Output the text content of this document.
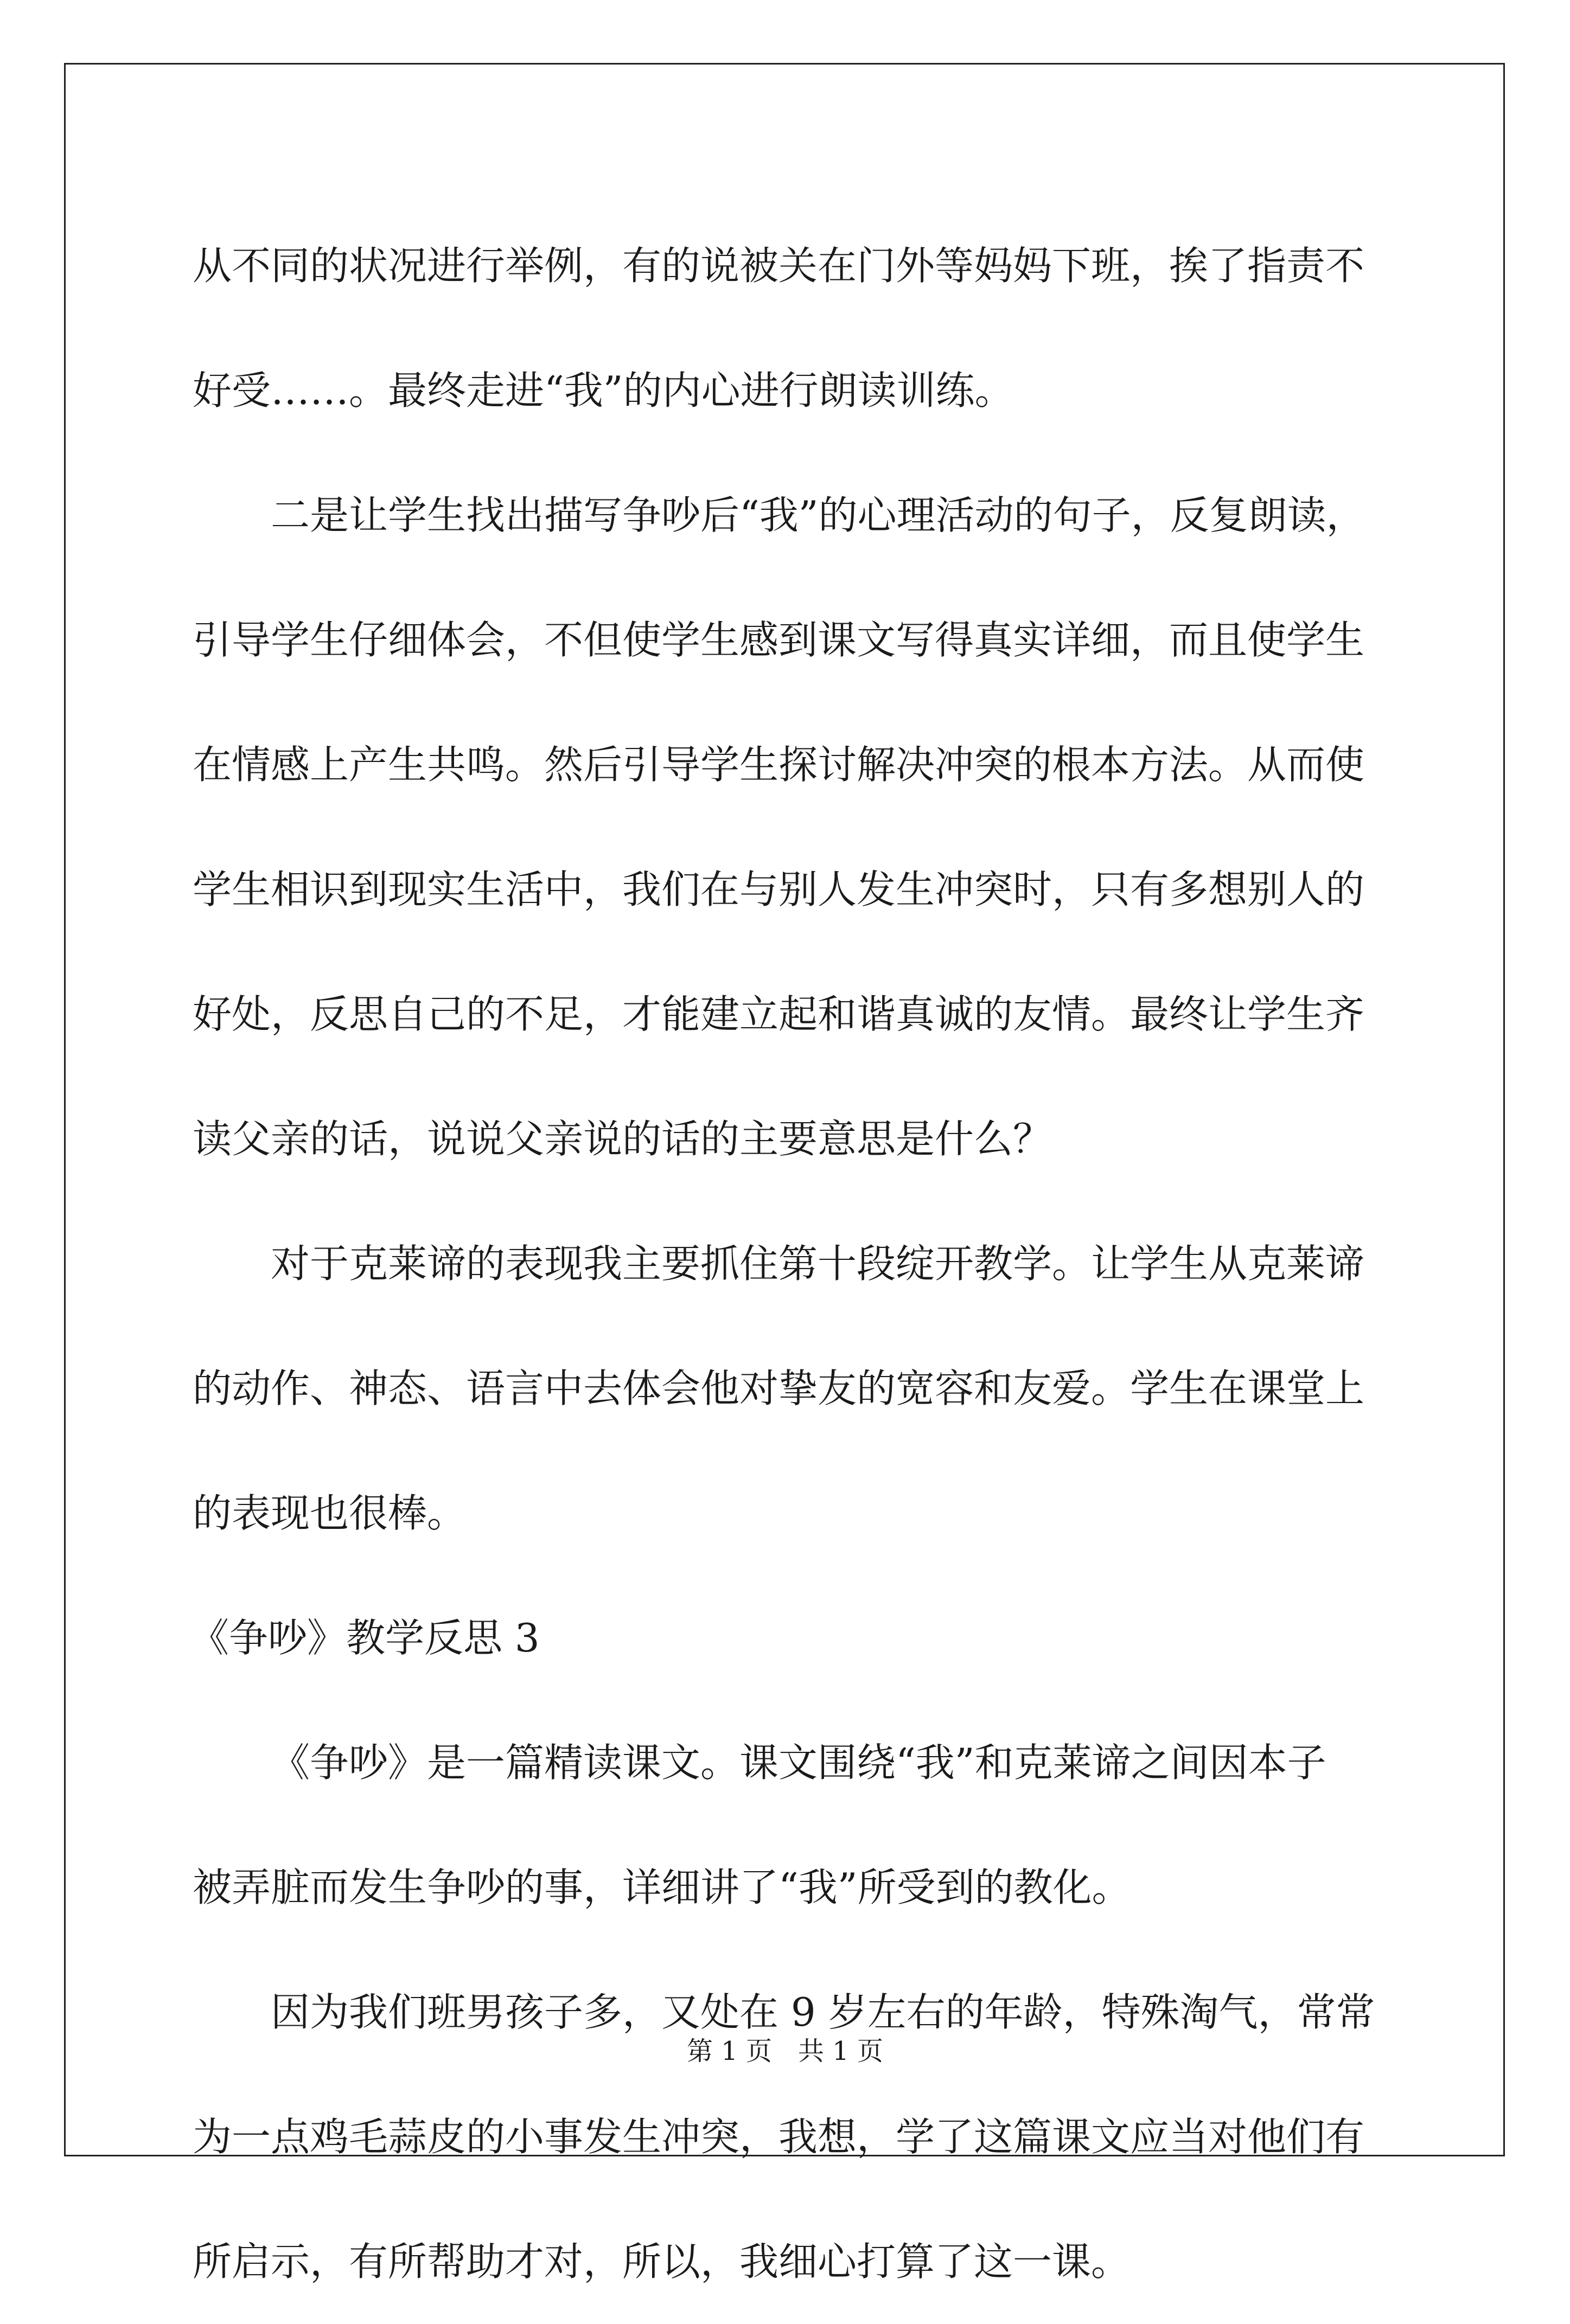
从不同的状况进行举例，有的说被关在门外等妈妈下班，挨了指责不
好受……。最终走进“我”的内心进行朗读训练。
二是让学生找出描写争吵后“我”的心理活动的句子，反复朗读，
引导学生仔细体会，不但使学生感到课文写得真实详细，而且使学生
在情感上产生共鸣。然后引导学生探讨解决冲突的根本方法。从而使
学生相识到现实生活中，我们在与别人发生冲突时，只有多想别人的
好处，反思自己的不足，才能建立起和谐真诚的友情。最终让学生齐
读父亲的话，说说父亲说的话的主要意思是什么？
对于克莱谛的表现我主要抓住第十段绽开教学。让学生从克莱谛
的动作、神态、语言中去体会他对挚友的宽容和友爱。学生在课堂上
的表现也很棒。
《争吵》教学反思 3
《争吵》是一篇精读课文。课文围绕“我”和克莱谛之间因本子
被弄脏而发生争吵的事，详细讲了“我”所受到的教化。
因为我们班男孩子多，又处在 9 岁左右的年龄，特殊淘气，常常
为一点鸡毛蒜皮的小事发生冲突，我想，学了这篇课文应当对他们有
所启示，有所帮助才对，所以，我细心打算了这一课。
第 1 页　共 1 页
